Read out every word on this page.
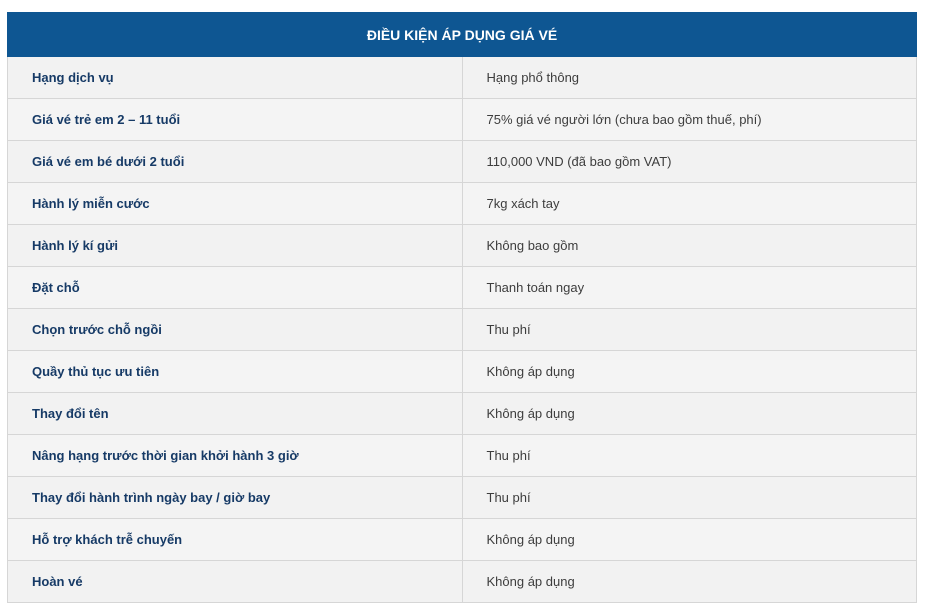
ĐIỀU KIỆN ÁP DỤNG GIÁ VÉ	
Hạng dịch vụ	Hạng phổ thông
Giá vé trẻ em 2 – 11 tuổi	75% giá vé người lớn (chưa bao gồm thuế, phí)
Giá vé em bé dưới 2 tuổi	110,000 VND (đã bao gồm VAT)
Hành lý miễn cước	7kg xách tay
Hành lý kí gửi	Không bao gồm
Đặt chỗ	Thanh toán ngay
Chọn trước chỗ ngồi	Thu phí
Quầy thủ tục ưu tiên	Không áp dụng
Thay đổi tên	Không áp dụng
Nâng hạng trước thời gian khởi hành 3 giờ	Thu phí
Thay đổi hành trình ngày bay / giờ bay	Thu phí
Hỗ trợ khách trễ chuyến	Không áp dụng
Hoàn vé	Không áp dụng
